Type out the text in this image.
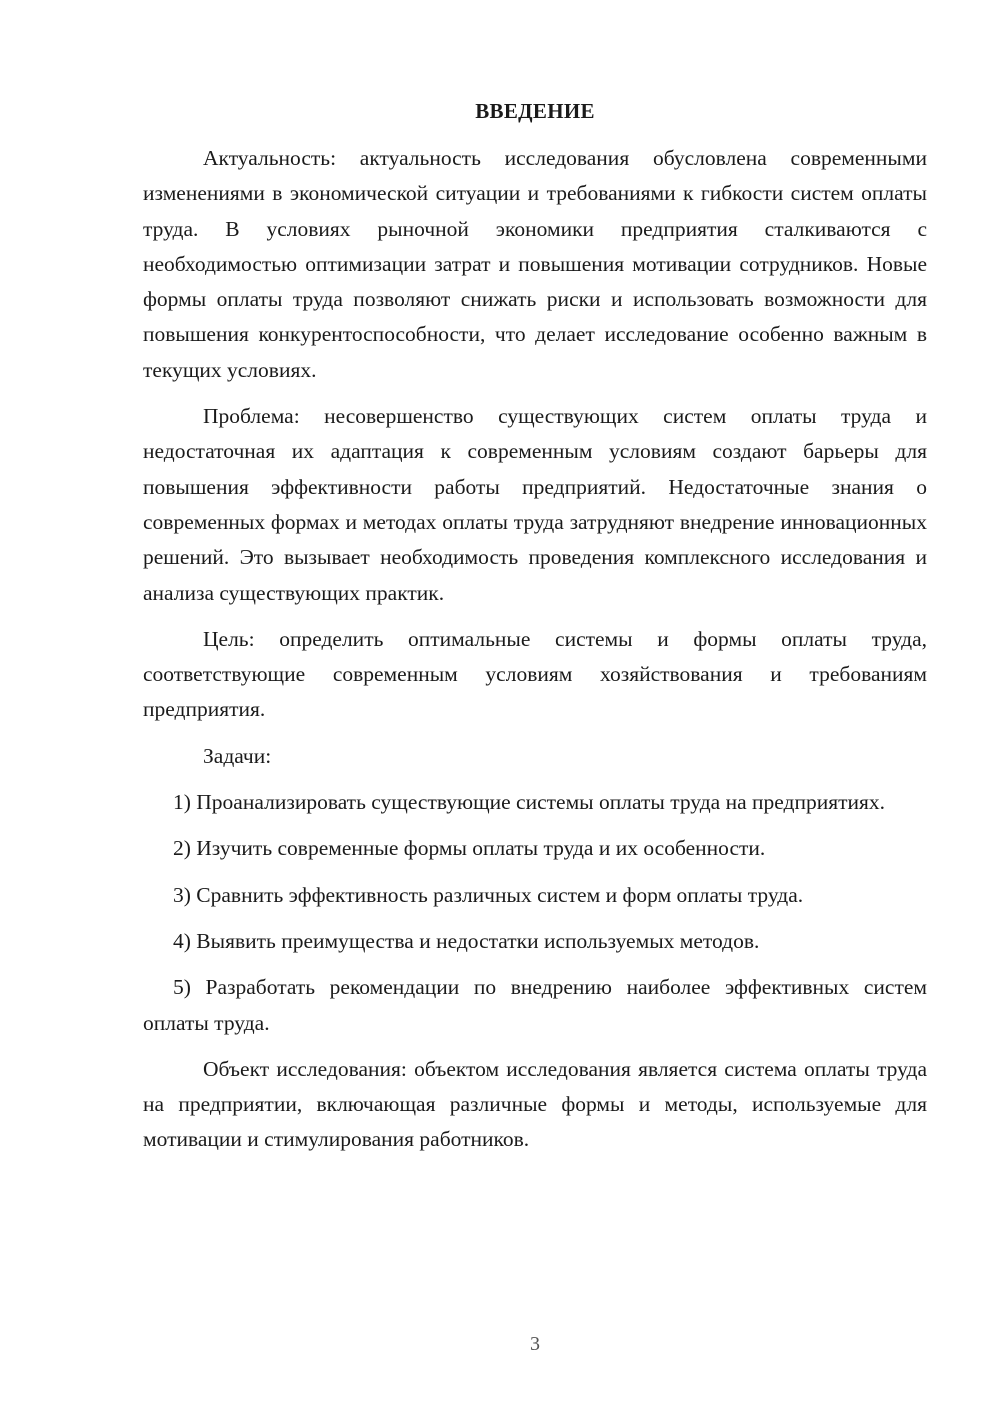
ВВЕДЕНИЕ

Актуальность: актуальность исследования обусловлена современными изменениями в экономической ситуации и требованиями к гибкости систем оплаты труда. В условиях рыночной экономики предприятия сталкиваются с необходимостью оптимизации затрат и повышения мотивации сотрудников. Новые формы оплаты труда позволяют снижать риски и использовать возможности для повышения конкурентоспособности, что делает исследование особенно важным в текущих условиях.

Проблема: несовершенство существующих систем оплаты труда и недостаточная их адаптация к современным условиям создают барьеры для повышения эффективности работы предприятий. Недостаточные знания о современных формах и методах оплаты труда затрудняют внедрение инновационных решений. Это вызывает необходимость проведения комплексного исследования и анализа существующих практик.

Цель: определить оптимальные системы и формы оплаты труда, соответствующие современным условиям хозяйствования и требованиям предприятия.

Задачи:

1) Проанализировать существующие системы оплаты труда на предприятиях.

2) Изучить современные формы оплаты труда и их особенности.

3) Сравнить эффективность различных систем и форм оплаты труда.

4) Выявить преимущества и недостатки используемых методов.

5) Разработать рекомендации по внедрению наиболее эффективных систем оплаты труда.

Объект исследования: объектом исследования является система оплаты труда на предприятии, включающая различные формы и методы, используемые для мотивации и стимулирования работников.

3
